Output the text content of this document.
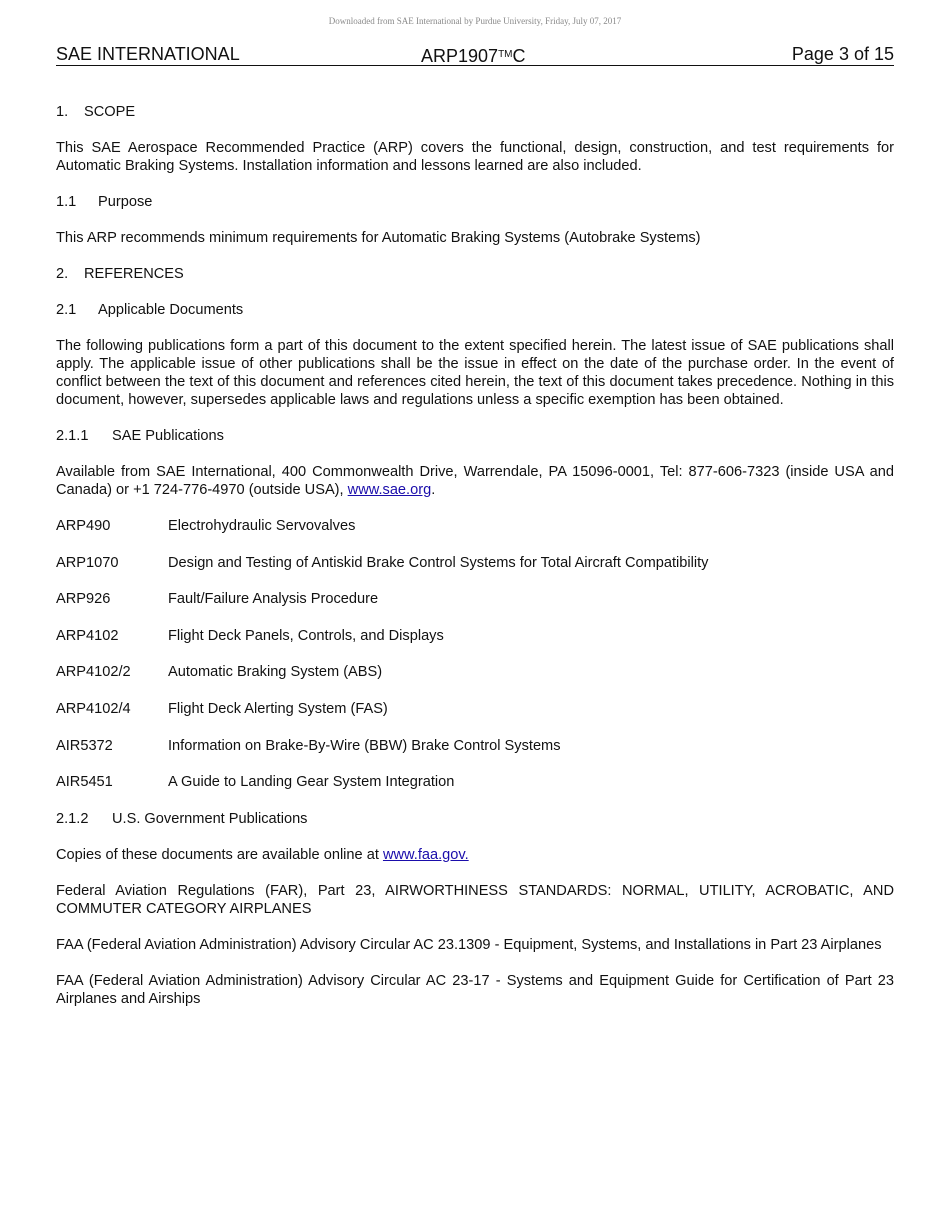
Downloaded from SAE International by Purdue University, Friday, July 07, 2017
SAE INTERNATIONAL	ARP1907™C	Page 3 of 15
1. SCOPE

This SAE Aerospace Recommended Practice (ARP) covers the functional, design, construction, and test requirements for Automatic Braking Systems. Installation information and lessons learned are also included.

1.1 Purpose

This ARP recommends minimum requirements for Automatic Braking Systems (Autobrake Systems)

2. REFERENCES
2.1 Applicable Documents

The following publications form a part of this document to the extent specified herein. The latest issue of SAE publications shall apply. The applicable issue of other publications shall be the issue in effect on the date of the purchase order. In the event of conflict between the text of this document and references cited herein, the text of this document takes precedence. Nothing in this document, however, supersedes applicable laws and regulations unless a specific exemption has been obtained.

2.1.1 SAE Publications

Available from SAE International, 400 Commonwealth Drive, Warrendale, PA 15096-0001, Tel: 877-606-7323 (inside USA and Canada) or +1 724-776-4970 (outside USA), www.sae.org.

ARP490	Electrohydraulic Servovalves
ARP1070	Design and Testing of Antiskid Brake Control Systems for Total Aircraft Compatibility
ARP926	Fault/Failure Analysis Procedure
ARP4102	Flight Deck Panels, Controls, and Displays
ARP4102/2	Automatic Braking System (ABS)
ARP4102/4	Flight Deck Alerting System (FAS)
AIR5372	Information on Brake-By-Wire (BBW) Brake Control Systems
AIR5451	A Guide to Landing Gear System Integration
2.1.2 U.S. Government Publications

Copies of these documents are available online at www.faa.gov.

Federal Aviation Regulations (FAR), Part 23, AIRWORTHINESS STANDARDS: NORMAL, UTILITY, ACROBATIC, AND COMMUTER CATEGORY AIRPLANES

FAA (Federal Aviation Administration) Advisory Circular AC 23.1309 - Equipment, Systems, and Installations in Part 23 Airplanes

FAA (Federal Aviation Administration) Advisory Circular AC 23-17 - Systems and Equipment Guide for Certification of Part 23 Airplanes and Airships
